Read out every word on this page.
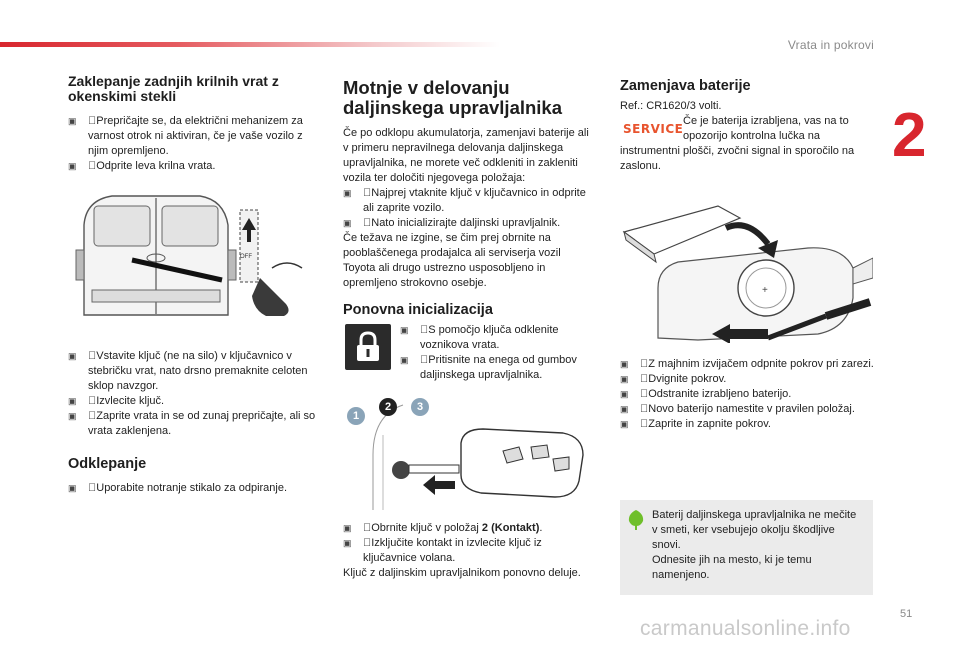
Vrata in pokrovi
2
Zaklepanje zadnjih krilnih vrat z okenskimi stekli
▣ Prepričajte se, da električni mehanizem za varnost otrok ni aktiviran, če je vaše vozilo z njim opremljeno.
▣ Odprite leva krilna vrata.
OFF
▣ Vstavite ključ (ne na silo) v ključavnico v stebričku vrat, nato drsno premaknite celoten sklop navzgor.
▣ Izvlecite ključ.
▣ Zaprite vrata in se od zunaj prepričajte, ali so vrata zaklenjena.
Odklepanje
▣ Uporabite notranje stikalo za odpiranje.
Motnje v delovanju daljinskega upravljalnika

Če po odklopu akumulatorja, zamenjavi baterije ali v primeru nepravilnega delovanja daljinskega upravljalnika, ne morete več odkleniti in zakleniti vozila ter določiti njegovega položaja:

▣ Najprej vtaknite ključ v ključavnico in odprite ali zaprite vozilo.
▣ Nato inicializirajte daljinski upravljalnik.

Če težava ne izgine, se čim prej obrnite na pooblaščenega prodajalca ali serviserja vozil Toyota ali drugo ustrezno usposobljeno in opremljeno strokovno osebje.

Ponovna inicializacija
▣ S pomočjo ključa odklenite voznikova vrata.
▣ Pritisnite na enega od gumbov daljinskega upravljalnika.
1
2	3
▣ Obrnite ključ v položaj 2 (Kontakt).
▣ Izključite kontakt in izvlecite ključ iz ključavnice volana.

Ključ z daljinskim upravljalnikom ponovno deluje.

Zamenjava baterije

Ref.: CR1620/3 volti.

SERVICE
Če je baterija izrabljena, vas na to opozorijo kontrolna lučka na
instrumentni plošči, zvočni signal in sporočilo na zaslonu.
+
▣ Z majhnim izvijačem odpnite pokrov pri zarezi.
▣ Dvignite pokrov.
▣ Odstranite izrabljeno baterijo.
▣ Novo baterijo namestite v pravilen položaj.
▣ Zaprite in zapnite pokrov.

Baterij daljinskega upravljalnika ne mečite v smeti, ker vsebujejo okolju škodljive snovi.

Odnesite jih na mesto, ki je temu namenjeno.

51
carmanualsonline.info
